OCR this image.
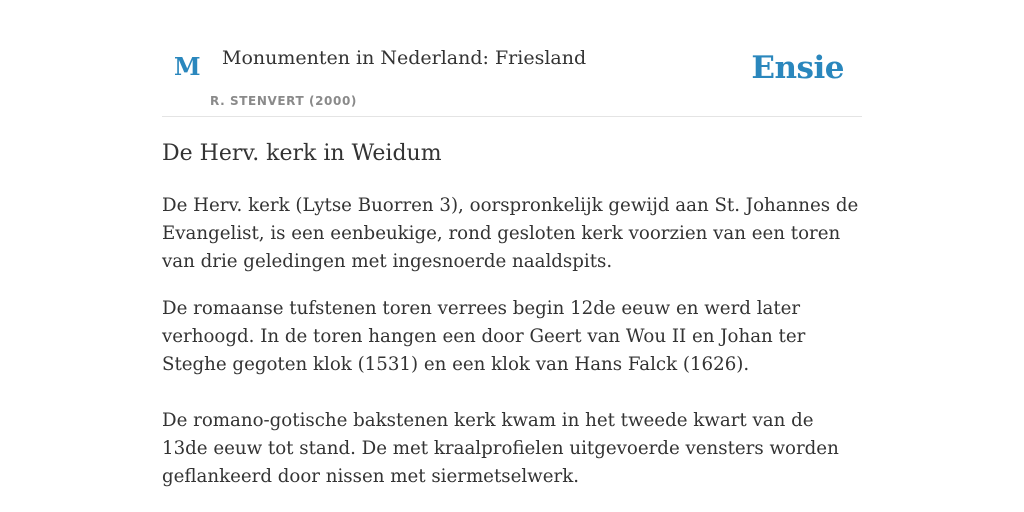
M Monumenten in Nederland: Friesland
R. STENVERT (2000)
Ensie
De Herv. kerk in Weidum

De Herv. kerk (Lytse Buorren 3), oorspronkelijk gewijd aan St. Johannes de Evangelist, is een eenbeukige, rond gesloten kerk voorzien van een toren van drie geledingen met ingesnoerde naaldspits.

De romaanse tufstenen toren verrees begin 12de eeuw en werd later verhoogd. In de toren hangen een door Geert van Wou II en Johan ter Steghe gegoten klok (1531) en een klok van Hans Falck (1626).

De romano-gotische bakstenen kerk kwam in het tweede kwart van de 13de eeuw tot stand. De met kraalprofielen uitgevoerde vensters worden geflankeerd door nissen met siermetselwerk.
